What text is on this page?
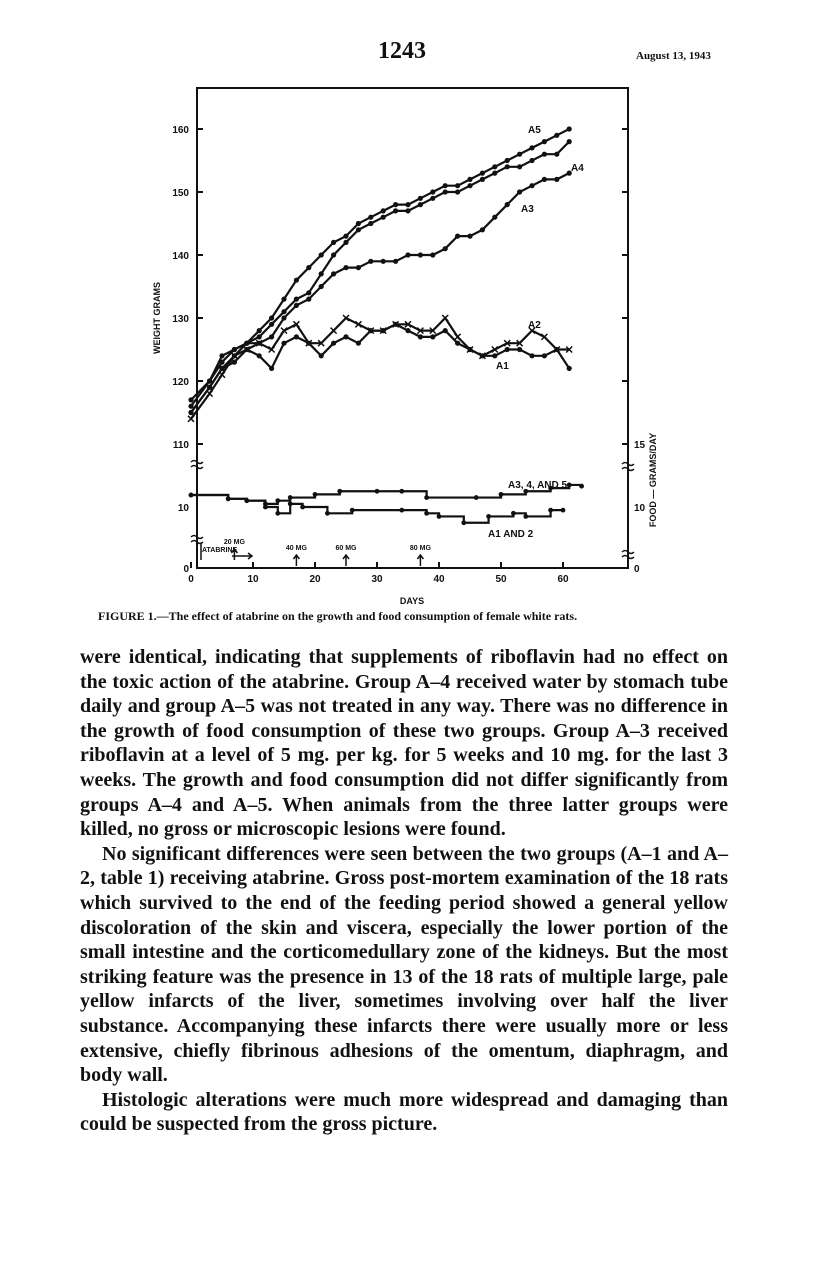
1243	August 13, 1943
110
120
130
140
150
160
10
0
15
10
0
0	10	20	30	40	50	60
DAYS
WEIGHT GRAMS
FOOD — GRAMS/DAY
A5
A4
A3
A2
A1
A3, 4, AND 5
A1 AND 2
ATABRINE
20 MG
40 MG	60 MG	80 MG
FIGURE 1.—The effect of atabrine on the growth and food consumption of female white rats.

were identical, indicating that supplements of riboflavin had no effect on the toxic action of the atabrine. Group A–4 received water by stomach tube daily and group A–5 was not treated in any way. There was no difference in the growth of food consumption of these two groups. Group A–3 received riboflavin at a level of 5 mg. per kg. for 5 weeks and 10 mg. for the last 3 weeks. The growth and food consumption did not differ significantly from groups A–4 and A–5. When animals from the three latter groups were killed, no gross or microscopic lesions were found.

No significant differences were seen between the two groups (A–1 and A–2, table 1) receiving atabrine. Gross post-mortem examination of the 18 rats which survived to the end of the feeding period showed a general yellow discoloration of the skin and viscera, especially the lower portion of the small intestine and the corticomedullary zone of the kidneys. But the most striking feature was the presence in 13 of the 18 rats of multiple large, pale yellow infarcts of the liver, sometimes involving over half the liver substance. Accompanying these infarcts there were usually more or less extensive, chiefly fibrinous adhesions of the omentum, diaphragm, and body wall.

Histologic alterations were much more widespread and damaging than could be suspected from the gross picture.
